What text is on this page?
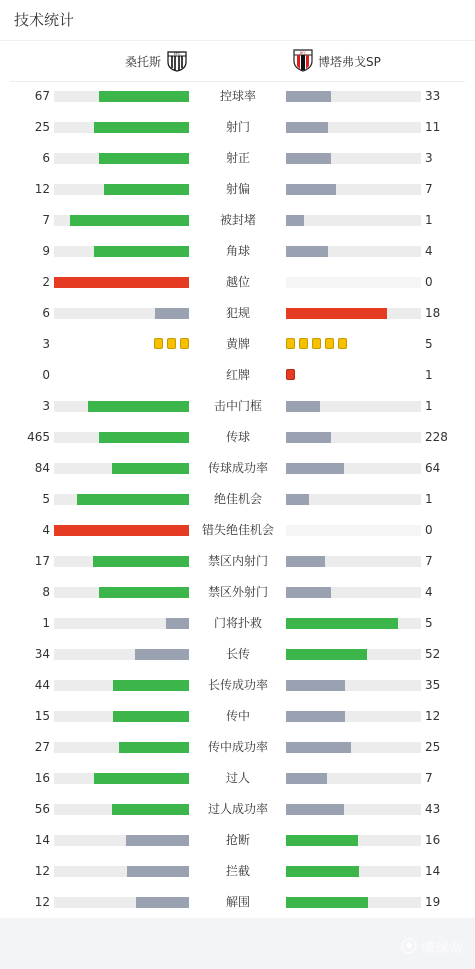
技术统计
桑托斯
SFC	BFC
博塔弗戈SP
67	控球率	33
25	射门	11
6	射正	3
12	射偏	7
7	被封堵	1
9	角球	4
2	越位	0
6	犯规	18
3	黄牌	5
0	红牌	1
3	击中门框	1
465	传球	228
84	传球成功率	64
5	绝佳机会	1
4	错失绝佳机会	0
17	禁区内射门	7
8	禁区外射门	4
1	门将扑救	5
34	长传	52
44	长传成功率	35
15	传中	12
27	传中成功率	25
16	过人	7
56	过人成功率	43
14	抢断	16
12	拦截	14
12	解围	19
懂球帝
